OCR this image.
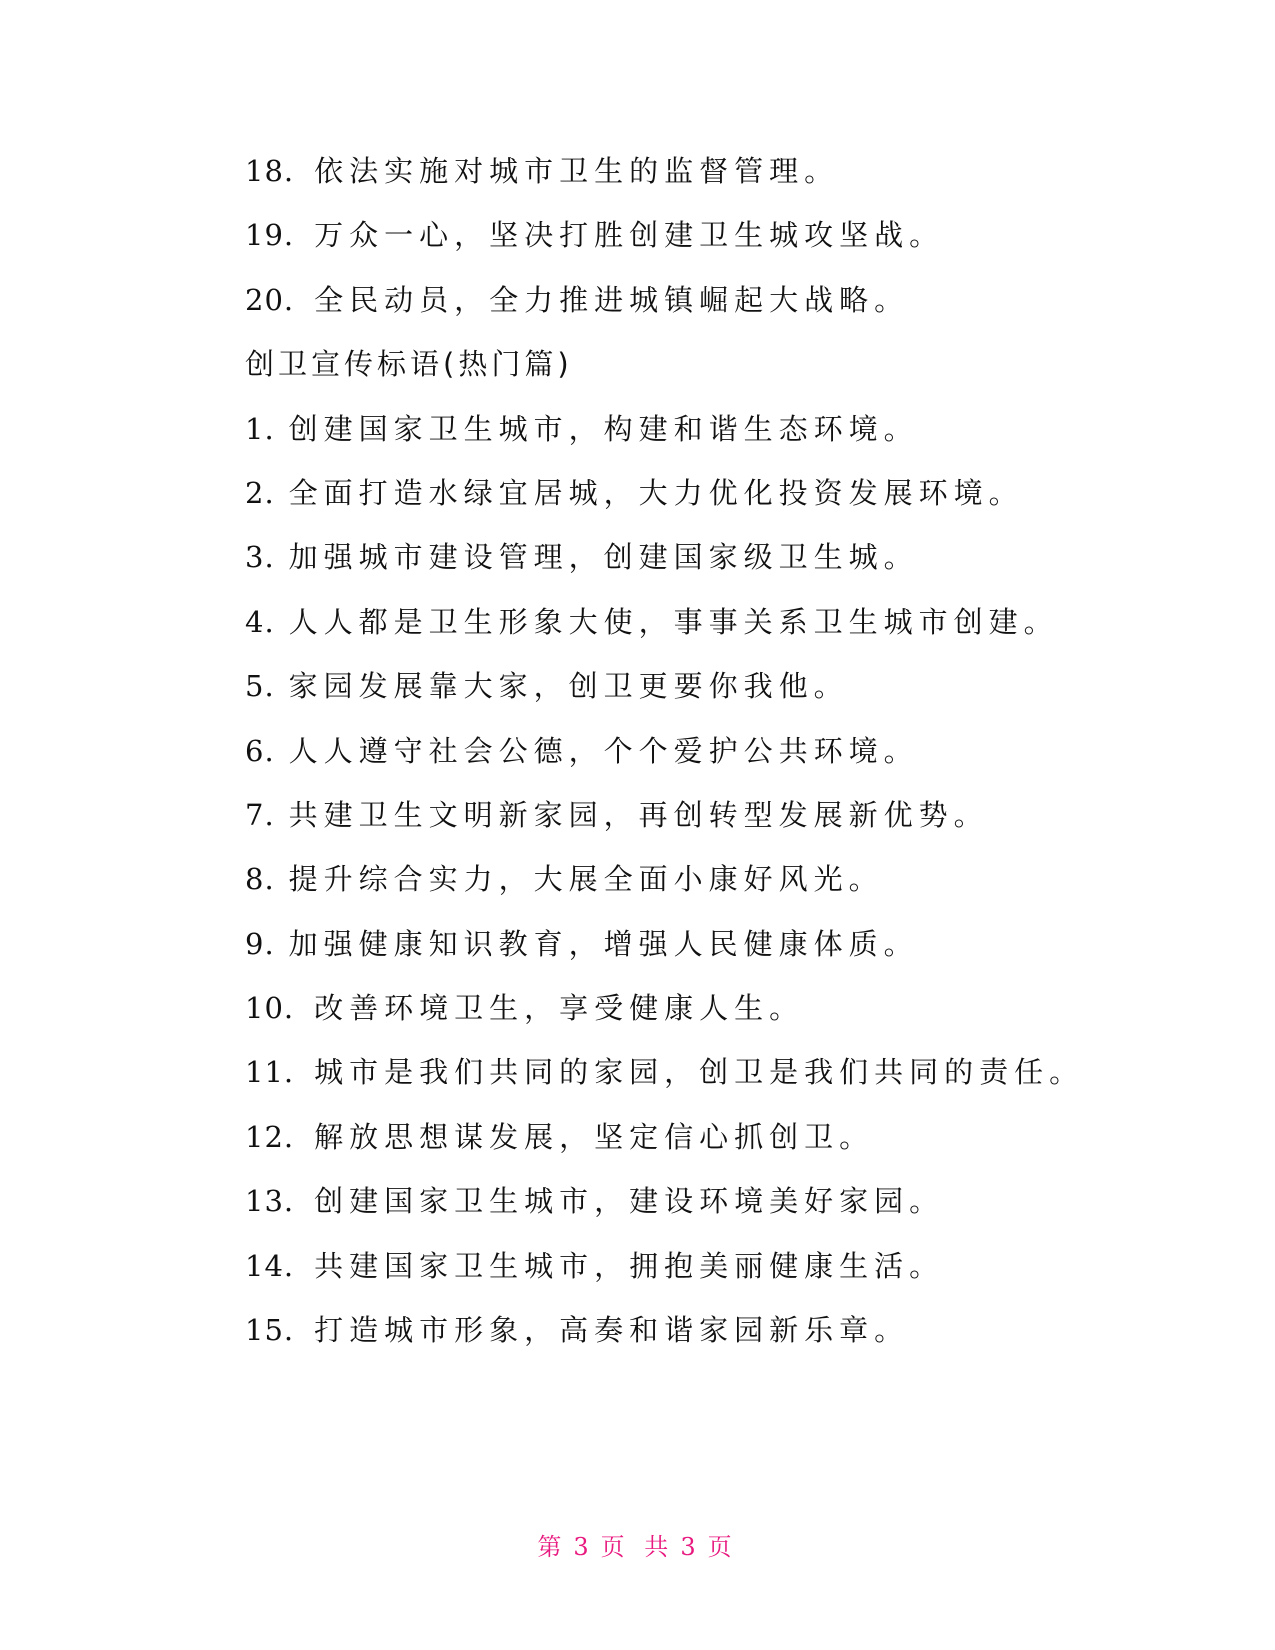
18. 依法实施对城市卫生的监督管理。
19. 万众一心，坚决打胜创建卫生城攻坚战。
20. 全民动员，全力推进城镇崛起大战略。
创卫宣传标语(热门篇)
1. 创建国家卫生城市，构建和谐生态环境。
2. 全面打造水绿宜居城，大力优化投资发展环境。
3. 加强城市建设管理，创建国家级卫生城。
4. 人人都是卫生形象大使，事事关系卫生城市创建。
5. 家园发展靠大家，创卫更要你我他。
6. 人人遵守社会公德，个个爱护公共环境。
7. 共建卫生文明新家园，再创转型发展新优势。
8. 提升综合实力，大展全面小康好风光。
9. 加强健康知识教育，增强人民健康体质。
10. 改善环境卫生，享受健康人生。
11. 城市是我们共同的家园，创卫是我们共同的责任。
12. 解放思想谋发展，坚定信心抓创卫。
13. 创建国家卫生城市，建设环境美好家园。
14. 共建国家卫生城市，拥抱美丽健康生活。
15. 打造城市形象，高奏和谐家园新乐章。
第 3 页 共 3 页
